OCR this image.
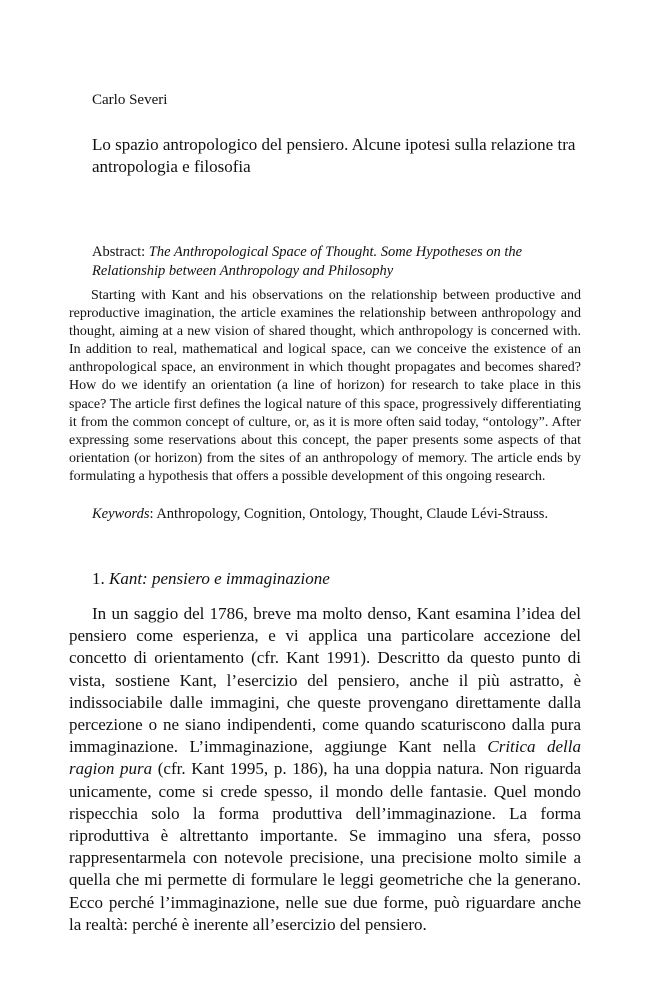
Carlo Severi
Lo spazio antropologico del pensiero. Alcune ipotesi sulla relazione tra antropologia e filosofia
Abstract: The Anthropological Space of Thought. Some Hypotheses on the Relationship between Anthropology and Philosophy

Starting with Kant and his observations on the relationship between productive and reproductive imagination, the article examines the relationship between anthropology and thought, aiming at a new vision of shared thought, which anthropology is concerned with. In addition to real, mathematical and logical space, can we conceive the existence of an anthropological space, an environment in which thought propagates and becomes shared? How do we identify an orientation (a line of horizon) for research to take place in this space? The article first defines the logical nature of this space, progressively differentiating it from the common concept of culture, or, as it is more often said today, “ontology”. After expressing some reservations about this concept, the paper presents some aspects of that orientation (or horizon) from the sites of an anthropology of memory. The article ends by formulating a hypothesis that offers a possible development of this ongoing research.

Keywords: Anthropology, Cognition, Ontology, Thought, Claude Lévi-Strauss.
1. Kant: pensiero e immaginazione

In un saggio del 1786, breve ma molto denso, Kant esamina l’idea del pensiero come esperienza, e vi applica una particolare accezione del concetto di orientamento (cfr. Kant 1991). Descritto da questo punto di vista, sostiene Kant, l’esercizio del pensiero, anche il più astratto, è indissociabile dalle immagini, che queste provengano direttamente dalla percezione o ne siano indipendenti, come quando scaturiscono dalla pura immaginazione. L’immaginazione, aggiunge Kant nella Critica della ragion pura (cfr. Kant 1995, p. 186), ha una doppia natura. Non riguarda unicamente, come si crede spesso, il mondo delle fantasie. Quel mondo rispecchia solo la forma produttiva dell’immaginazione. La forma riproduttiva è altrettanto importante. Se immagino una sfera, posso rappresentarmela con notevole precisione, una precisione molto simile a quella che mi permette di formulare le leggi geometriche che la generano. Ecco perché l’immaginazione, nelle sue due forme, può riguardare anche la realtà: perché è inerente all’esercizio del pensiero.
